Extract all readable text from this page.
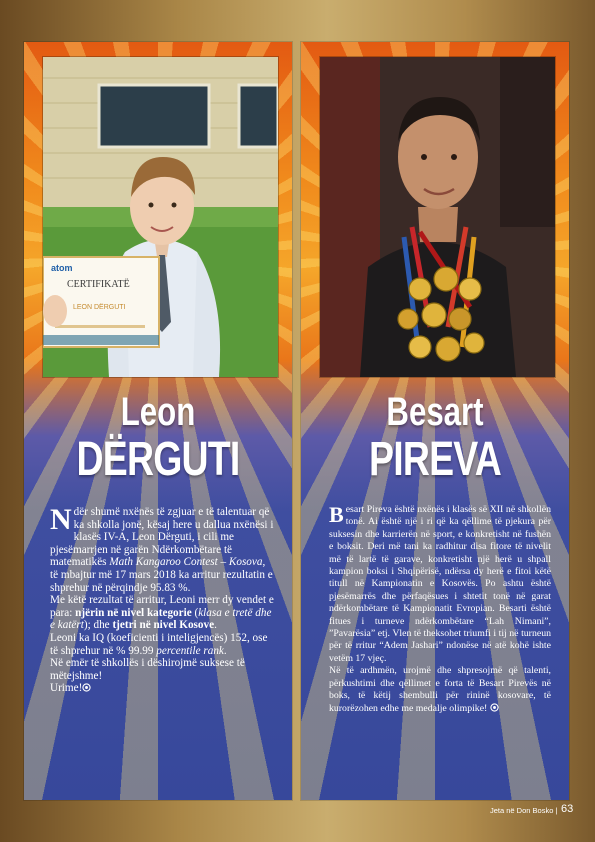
atom
CERTIFIKATË
LEON DËRGUTI
Leon
DËRGUTI

Ndër shumë nxënës të zgjuar e të talentuar që ka shkolla jonë, kësaj here u dallua nxënësi i klasës IV-A, Leon Dërguti, i cili me pjesëmarrjen në garën Ndërkombëtare të matematikës Math Kangaroo Contest – Kosova, të mbajtur më 17 mars 2018 ka arritur rezultatin e shprehur në përqindje 95.83 %.

Me këtë rezultat të arritur, Leoni merr dy vendet e para: njërin në nivel kategorie (klasa e tretë dhe e katërt); dhe tjetri në nivel Kosove.

Leoni ka IQ (koeficienti i inteligjencës) 152, ose të shprehur në % 99.99 percentile rank.

Në emër të shkollës i dëshirojmë suksese të mëtejshme!

Urime!

Besart
PIREVA

Besart Pireva është nxënës i klasës së XII në shkollën tonë. Ai është një i ri që ka qëllime të pjekura për suksesin dhe karrierën në sport, e konkretisht në fushën e boksit. Deri më tani ka radhitur disa fitore të nivelit më të lartë të garave, konkretisht një herë u shpall kampion boksi i Shqipërisë, ndërsa dy herë e fitoi këtë titull në Kampionatin e Kosovës. Po ashtu është pjesëmarrës dhe përfaqësues i shtetit tonë në garat ndërkombëtare të Kampionatit Evropian. Besarti është fitues i turneve ndërkombëtare “Lah Nimani”, ”Pavarësia” etj. Vlen të theksohet triumfi i tij në turneun për të rritur “Adem Jashari” ndonëse në atë kohë ishte vetëm 17 vjeç.

Në të ardhmën, urojmë dhe shpresojmë që talenti, përkushtimi dhe qëllimet e forta të Besart Pirevës në boks, të këtij shembulli për rininë kosovare, të kurorëzohen edhe me medalje olimpike!

Jeta në Don Bosko | 63
